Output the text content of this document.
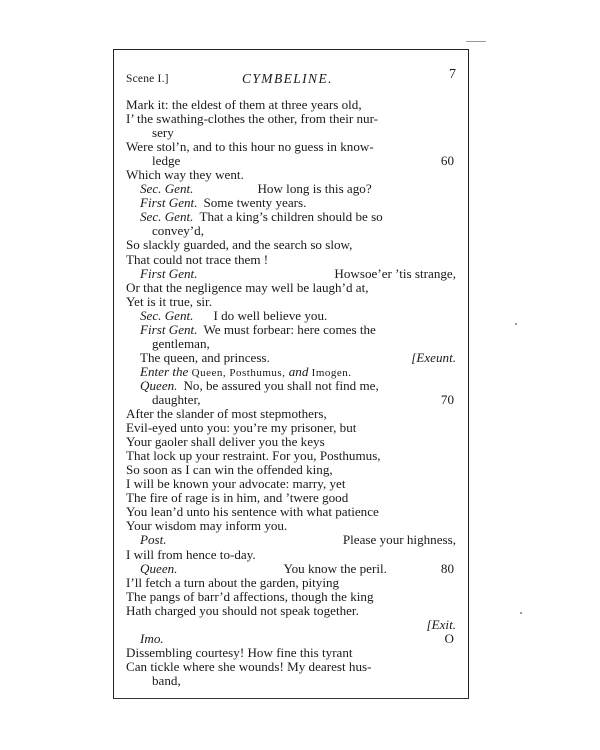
Scene I.]	CYMBELINE.	7
Mark it: the eldest of them at three years old,
I’ the swathing-clothes the other, from their nur-
sery
Were stol’n, and to this hour no guess in know-
ledge	60
Which way they went.
Sec. Gent.	How long is this ago?
First Gent. Some twenty years.
Sec. Gent. That a king’s children should be so
convey’d,
So slackly guarded, and the search so slow,
That could not trace them !
First Gent.	Howsoe’er ’tis strange,
Or that the negligence may well be laugh’d at,
Yet is it true, sir.
Sec. Gent. I do well believe you.
First Gent. We must forbear: here comes the
gentleman,
The queen, and princess.	[Exeunt.
Enter the Queen, Posthumus, and Imogen.
Queen. No, be assured you shall not find me,
daughter,	70
After the slander of most stepmothers,
Evil-eyed unto you: you’re my prisoner, but
Your gaoler shall deliver you the keys
That lock up your restraint. For you, Posthumus,
So soon as I can win the offended king,
I will be known your advocate: marry, yet
The fire of rage is in him, and ’twere good
You lean’d unto his sentence with what patience
Your wisdom may inform you.
Post.	Please your highness,
I will from hence to-day.
Queen.	You know the peril.	80
I’ll fetch a turn about the garden, pitying
The pangs of barr’d affections, though the king
Hath charged you should not speak together.
[Exit.
Imo.	O
Dissembling courtesy! How fine this tyrant
Can tickle where she wounds! My dearest hus-
band,
